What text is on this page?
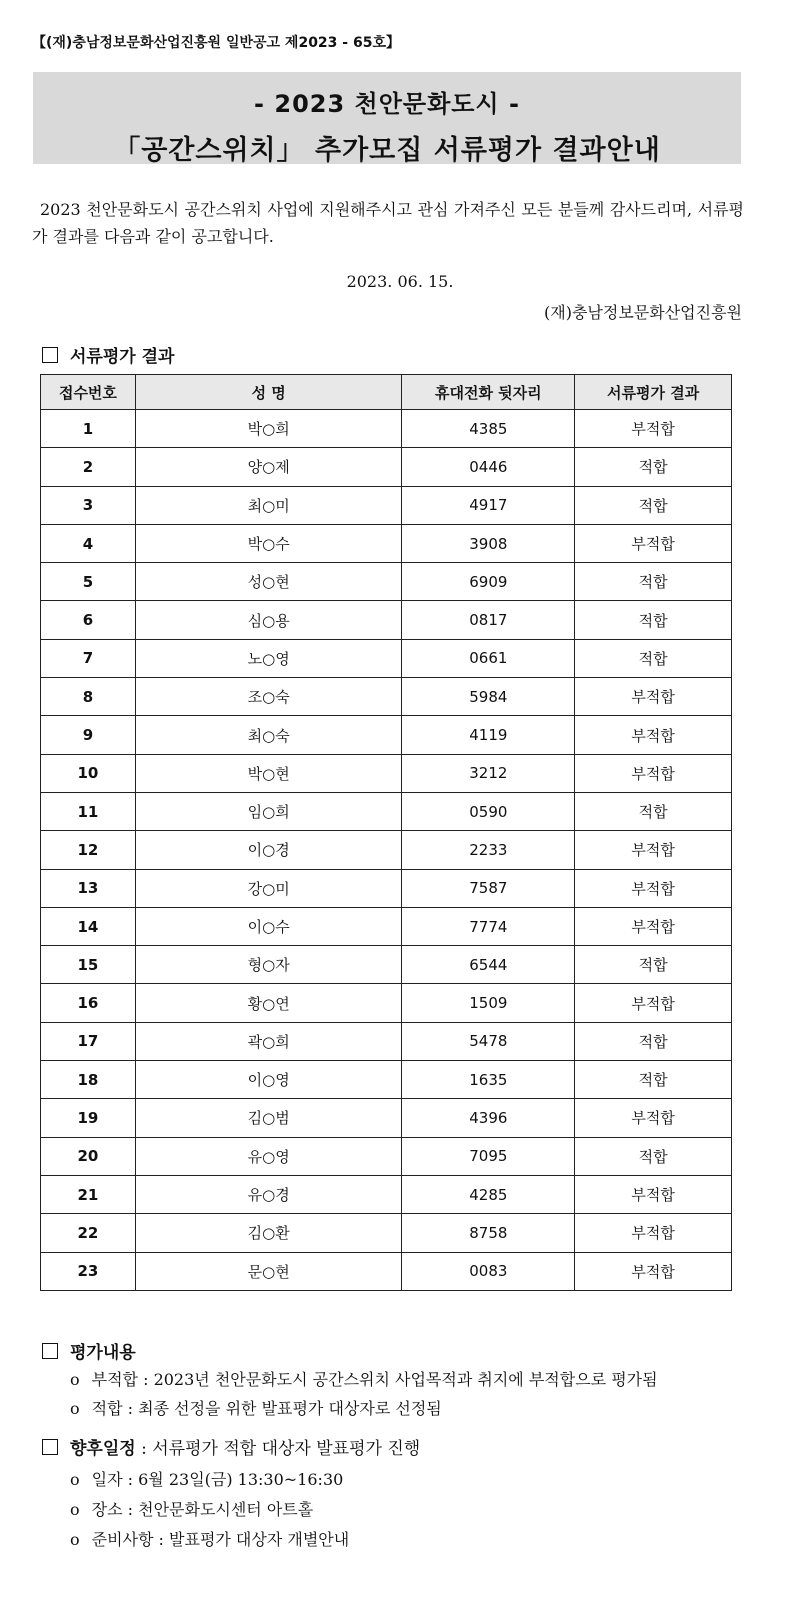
【(재)충남정보문화산업진흥원 일반공고 제2023 - 65호】
- 2023 천안문화도시 -
「공간스위치」 추가모집 서류평가 결과안내
2023 천안문화도시 공간스위치 사업에 지원해주시고 관심 가져주신 모든 분들께 감사드리며, 서류평가 결과를 다음과 같이 공고합니다.
2023. 06. 15.
(재)충남정보문화산업진흥원
서류평가 결과
접수번호	성 명	휴대전화 뒷자리	서류평가 결과
1	박○희	4385	부적합
2	양○제	0446	적합
3	최○미	4917	적합
4	박○수	3908	부적합
5	성○현	6909	적합
6	심○용	0817	적합
7	노○영	0661	적합
8	조○숙	5984	부적합
9	최○숙	4119	부적합
10	박○현	3212	부적합
11	임○희	0590	적합
12	이○경	2233	부적합
13	강○미	7587	부적합
14	이○수	7774	부적합
15	형○자	6544	적합
16	황○연	1509	부적합
17	곽○희	5478	적합
18	이○영	1635	적합
19	김○범	4396	부적합
20	유○영	7095	적합
21	유○경	4285	부적합
22	김○환	8758	부적합
23	문○현	0083	부적합
평가내용
o 부적합 : 2023년 천안문화도시 공간스위치 사업목적과 취지에 부적합으로 평가됨
o 적합 : 최종 선정을 위한 발표평가 대상자로 선정됨
향후일정 : 서류평가 적합 대상자 발표평가 진행
o 일자 : 6월 23일(금) 13:30~16:30
o 장소 : 천안문화도시센터 아트홀
o 준비사항 : 발표평가 대상자 개별안내
